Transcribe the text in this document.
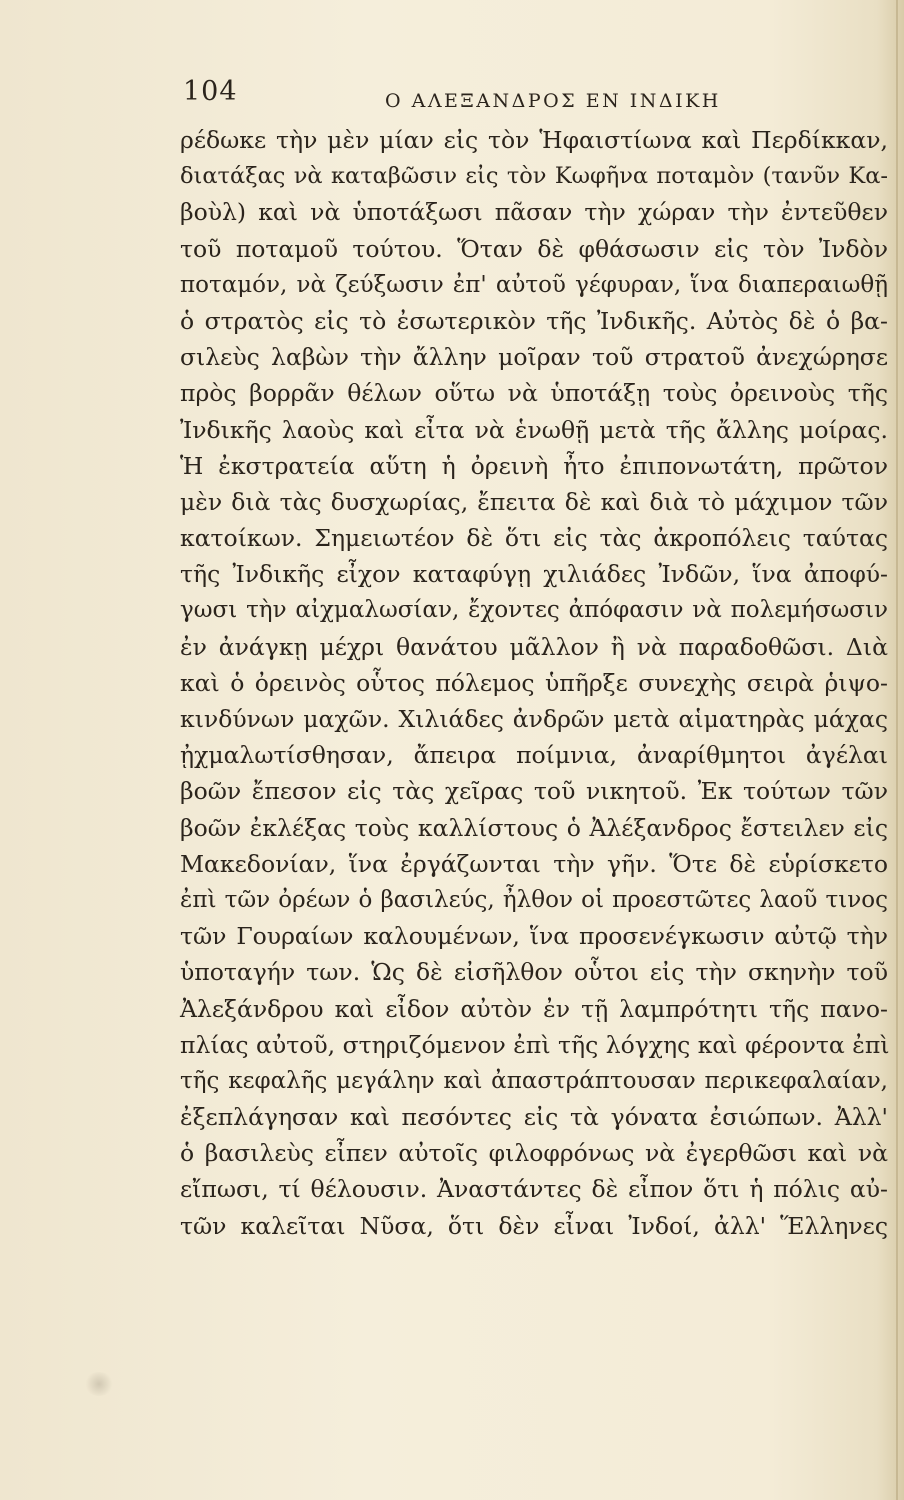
104	Ο ΑΛΕΞΑΝΔΡΟΣ ΕΝ ΙΝΔΙΚΗ
ρέδωκε τὴν μὲν μίαν εἰς τὸν Ἡφαιστίωνα καὶ Περδίκκαν,
διατάξας νὰ καταβῶσιν εἰς τὸν Κωφῆνα ποταμὸν (τανῦν Κα-
βοὺλ) καὶ νὰ ὑποτάξωσι πᾶσαν τὴν χώραν τὴν ἐντεῦθεν
τοῦ ποταμοῦ τούτου. Ὅταν δὲ φθάσωσιν εἰς τὸν Ἰνδὸν
ποταμόν, νὰ ζεύξωσιν ἐπ' αὐτοῦ γέφυραν, ἵνα διαπεραιωθῇ
ὁ στρατὸς εἰς τὸ ἐσωτερικὸν τῆς Ἰνδικῆς. Αὐτὸς δὲ ὁ βα-
σιλεὺς λαβὼν τὴν ἄλλην μοῖραν τοῦ στρατοῦ ἀνεχώρησε
πρὸς βορρᾶν θέλων οὕτω νὰ ὑποτάξῃ τοὺς ὀρεινοὺς τῆς
Ἰνδικῆς λαοὺς καὶ εἶτα νὰ ἑνωθῇ μετὰ τῆς ἄλλης μοίρας.
Ἡ ἐκστρατεία αὕτη ἡ ὀρεινὴ ἦτο ἐπιπονωτάτη, πρῶτον
μὲν διὰ τὰς δυσχωρίας, ἔπειτα δὲ καὶ διὰ τὸ μάχιμον τῶν
κατοίκων. Σημειωτέον δὲ ὅτι εἰς τὰς ἀκροπόλεις ταύτας
τῆς Ἰνδικῆς εἶχον καταφύγῃ χιλιάδες Ἰνδῶν, ἵνα ἀποφύ-
γωσι τὴν αἰχμαλωσίαν, ἔχοντες ἀπόφασιν νὰ πολεμήσωσιν
ἐν ἀνάγκῃ μέχρι θανάτου μᾶλλον ἢ νὰ παραδοθῶσι. Διὰ
καὶ ὁ ὀρεινὸς οὗτος πόλεμος ὑπῆρξε συνεχὴς σειρὰ ῥιψο-
κινδύνων μαχῶν. Χιλιάδες ἀνδρῶν μετὰ αἱματηρὰς μάχας
ᾐχμαλωτίσθησαν, ἄπειρα ποίμνια, ἀναρίθμητοι ἀγέλαι
βοῶν ἔπεσον εἰς τὰς χεῖρας τοῦ νικητοῦ. Ἐκ τούτων τῶν
βοῶν ἐκλέξας τοὺς καλλίστους ὁ Ἀλέξανδρος ἔστειλεν εἰς
Μακεδονίαν, ἵνα ἐργάζωνται τὴν γῆν. Ὅτε δὲ εὑρίσκετο
ἐπὶ τῶν ὀρέων ὁ βασιλεύς, ἦλθον οἱ προεστῶτες λαοῦ τινος
τῶν Γουραίων καλουμένων, ἵνα προσενέγκωσιν αὐτῷ τὴν
ὑποταγήν των. Ὡς δὲ εἰσῆλθον οὗτοι εἰς τὴν σκηνὴν τοῦ
Ἀλεξάνδρου καὶ εἶδον αὐτὸν ἐν τῇ λαμπρότητι τῆς πανο-
πλίας αὐτοῦ, στηριζόμενον ἐπὶ τῆς λόγχης καὶ φέροντα ἐπὶ
τῆς κεφαλῆς μεγάλην καὶ ἀπαστράπτουσαν περικεφαλαίαν,
ἐξεπλάγησαν καὶ πεσόντες εἰς τὰ γόνατα ἐσιώπων. Ἀλλ'
ὁ βασιλεὺς εἶπεν αὐτοῖς φιλοφρόνως νὰ ἐγερθῶσι καὶ νὰ
εἴπωσι, τί θέλουσιν. Ἀναστάντες δὲ εἶπον ὅτι ἡ πόλις αὐ-
τῶν καλεῖται Νῦσα, ὅτι δὲν εἶναι Ἰνδοί, ἀλλ' Ἕλληνες
